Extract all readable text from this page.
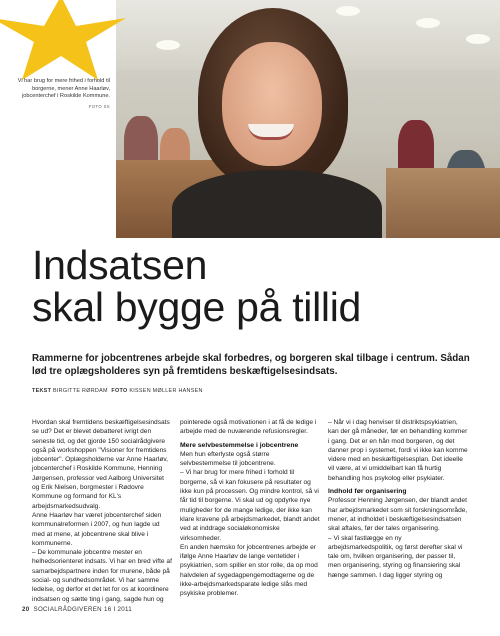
Vi har brug for mere frihed i forhold til borgerne, mener Anne Haarløv, jobcenterchef i Roskilde Kommune.
FOTO SS
Indsatsen
skal bygge på tillid

Rammerne for jobcentrenes arbejde skal forbedres, og borgeren skal tilbage i centrum. Sådan lød tre oplægsholderes syn på fremtidens beskæftigelsesindsats.

TEKST BIRGITTE RØRDAM FOTO KISSEN MØLLER HANSEN

Hvordan skal fremtidens beskæftigelsesindsats se ud? Det er blevet debatteret ivrigt den seneste tid, og det gjorde 150 socialrådgivere også på workshoppen "Visioner for fremtidens jobcenter". Oplægsholderne var Anne Haarløv, jobcenterchef i Roskilde Kommune, Henning Jørgensen, professor ved Aalborg Universitet og Erik Nielsen, borgmester i Rødovre Kommune og formand for KL's arbejdsmarkedsudvalg.

Anne Haarløv har været jobcenterchef siden kommunalreformen i 2007, og hun lagde ud med at mene, at jobcentrene skal blive i kommunerne.

– De kommunale jobcentre mester en helhedsorienteret indsats. Vi har en bred vifte af samarbejdspartnere inden for murene, både på social- og sundhedsområdet. Vi har samme ledelse, og derfor et det let for os at koordinere indsatsen og sætte ting i gang, sagde hun og

pointerede også motivationen i at få de ledige i arbejde med de nuværende refusionsregler.

Mere selvbestemmelse i jobcentrene

Men hun efterlyste også større selvbestemmelse til jobcentrene.

– Vi har brug for mere frihed i forhold til borgerne, så vi kan fokusere på resultater og ikke kun på processen. Og mindre kontrol, så vi får tid til borgerne. Vi skal ud og opdyrke nye muligheder for de mange ledige, der ikke kan klare kravene på arbejdsmarkedet, blandt andet ved at inddrage socialøkonomiske virksomheder.

En anden hæmsko for jobcentrenes arbejde er ifølge Anne Haarløv de lange ventetider i psykiatrien, som spiller en stor rolle, da op mod halvdelen af sygedagpengemodtagerne og de ikke-arbejdsmarkedsparate ledige slås med psykiske problemer.

– Når vi i dag henviser til distriktspsykiatrien, kan der gå måneder, før en behandling kommer i gang. Det er en hån mod borgeren, og det danner prop i systemet, fordi vi ikke kan komme videre med en beskæftigelsesplan. Det ideelle vil være, at vi umiddelbart kan få hurtig behandling hos psykolog eller psykiater.

Indhold før organisering

Professor Henning Jørgensen, der blandt andet har arbejdsmarkedet som sit forskningsområde, mener, at indholdet i beskæftigelsesindsatsen skal aftales, før der tales organisering.

– Vi skal fastlægge en ny arbejdsmarkedspolitik, og først derefter skal vi tale om, hvilken organisering, der passer til, men organisering, styring og finansiering skal hænge sammen. I dag ligger styring og

20 SOCIALRÅDGIVEREN 16 I 2011
